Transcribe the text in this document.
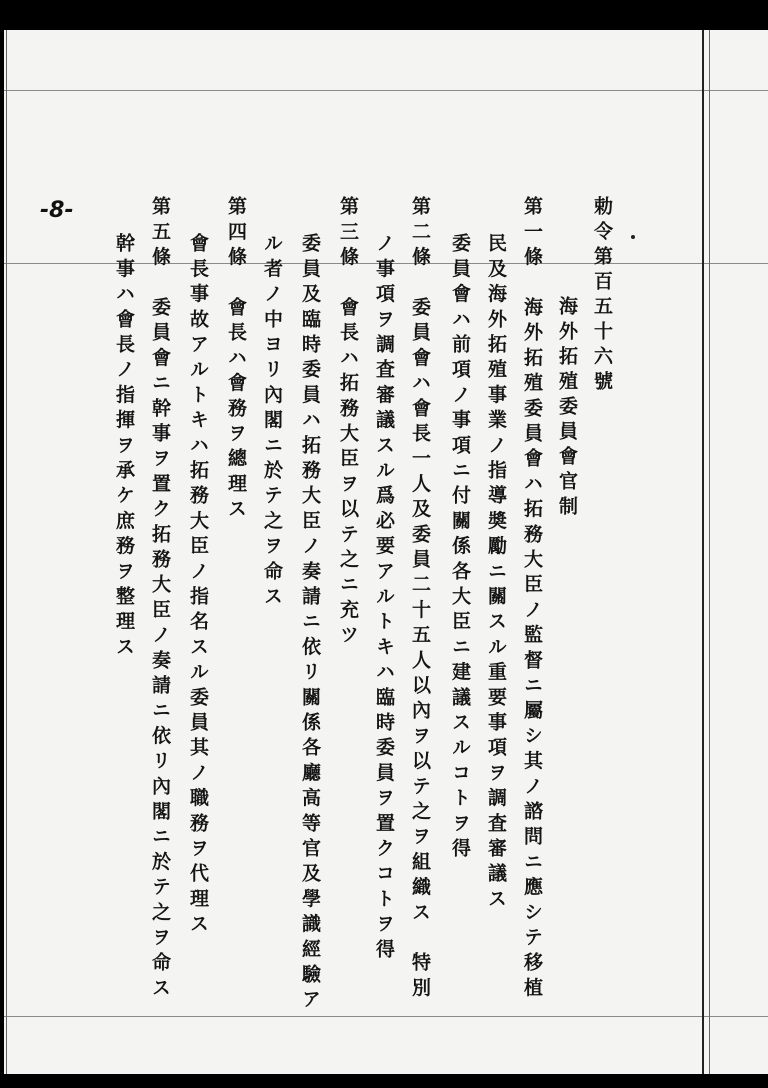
-8-	勅令第百五十六號
海外拓殖委員會官制
第一條　海外拓殖委員會ハ拓務大臣ノ監督ニ屬シ其ノ諮問ニ應シテ移植
民及海外拓殖事業ノ指導奬勵ニ關スル重要事項ヲ調査審議ス
委員會ハ前項ノ事項ニ付關係各大臣ニ建議スルコトヲ得
第二條　委員會ハ會長一人及委員二十五人以內ヲ以テ之ヲ組織ス　特別
ノ事項ヲ調査審議スル爲必要アルトキハ臨時委員ヲ置クコトヲ得
第三條　會長ハ拓務大臣ヲ以テ之ニ充ツ
委員及臨時委員ハ拓務大臣ノ奏請ニ依リ關係各廳高等官及學識經驗ア
ル者ノ中ヨリ內閣ニ於テ之ヲ命ス
第四條　會長ハ會務ヲ總理ス
會長事故アルトキハ拓務大臣ノ指名スル委員其ノ職務ヲ代理ス
第五條　委員會ニ幹事ヲ置ク拓務大臣ノ奏請ニ依リ內閣ニ於テ之ヲ命ス
幹事ハ會長ノ指揮ヲ承ケ庶務ヲ整理ス
